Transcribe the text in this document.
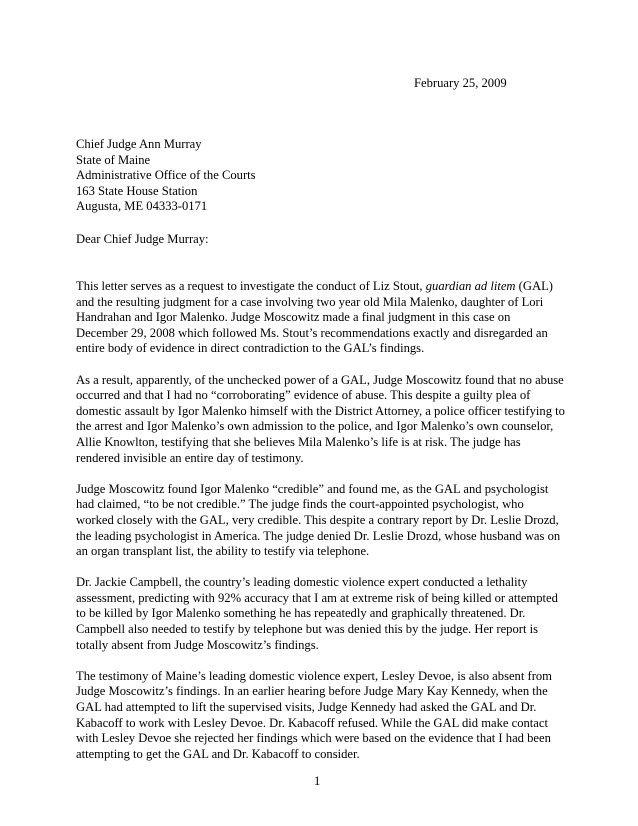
February 25, 2009
Chief Judge Ann Murray
State of Maine
Administrative Office of the Courts
163 State House Station
Augusta, ME 04333-0171
Dear Chief Judge Murray:
This letter serves as a request to investigate the conduct of Liz Stout, guardian ad litem (GAL)
and the resulting judgment for a case involving two year old Mila Malenko, daughter of Lori
Handrahan and Igor Malenko. Judge Moscowitz made a final judgment in this case on
December 29, 2008 which followed Ms. Stout’s recommendations exactly and disregarded an
entire body of evidence in direct contradiction to the GAL’s findings.
As a result, apparently, of the unchecked power of a GAL, Judge Moscowitz found that no abuse
occurred and that I had no “corroborating” evidence of abuse. This despite a guilty plea of
domestic assault by Igor Malenko himself with the District Attorney, a police officer testifying to
the arrest and Igor Malenko’s own admission to the police, and Igor Malenko’s own counselor,
Allie Knowlton, testifying that she believes Mila Malenko’s life is at risk. The judge has
rendered invisible an entire day of testimony.
Judge Moscowitz found Igor Malenko “credible” and found me, as the GAL and psychologist
had claimed, “to be not credible.” The judge finds the court-appointed psychologist, who
worked closely with the GAL, very credible. This despite a contrary report by Dr. Leslie Drozd,
the leading psychologist in America. The judge denied Dr. Leslie Drozd, whose husband was on
an organ transplant list, the ability to testify via telephone.
Dr. Jackie Campbell, the country’s leading domestic violence expert conducted a lethality
assessment, predicting with 92% accuracy that I am at extreme risk of being killed or attempted
to be killed by Igor Malenko something he has repeatedly and graphically threatened. Dr.
Campbell also needed to testify by telephone but was denied this by the judge. Her report is
totally absent from Judge Moscowitz’s findings.
The testimony of Maine’s leading domestic violence expert, Lesley Devoe, is also absent from
Judge Moscowitz’s findings. In an earlier hearing before Judge Mary Kay Kennedy, when the
GAL had attempted to lift the supervised visits, Judge Kennedy had asked the GAL and Dr.
Kabacoff to work with Lesley Devoe. Dr. Kabacoff refused. While the GAL did make contact
with Lesley Devoe she rejected her findings which were based on the evidence that I had been
attempting to get the GAL and Dr. Kabacoff to consider.
1
